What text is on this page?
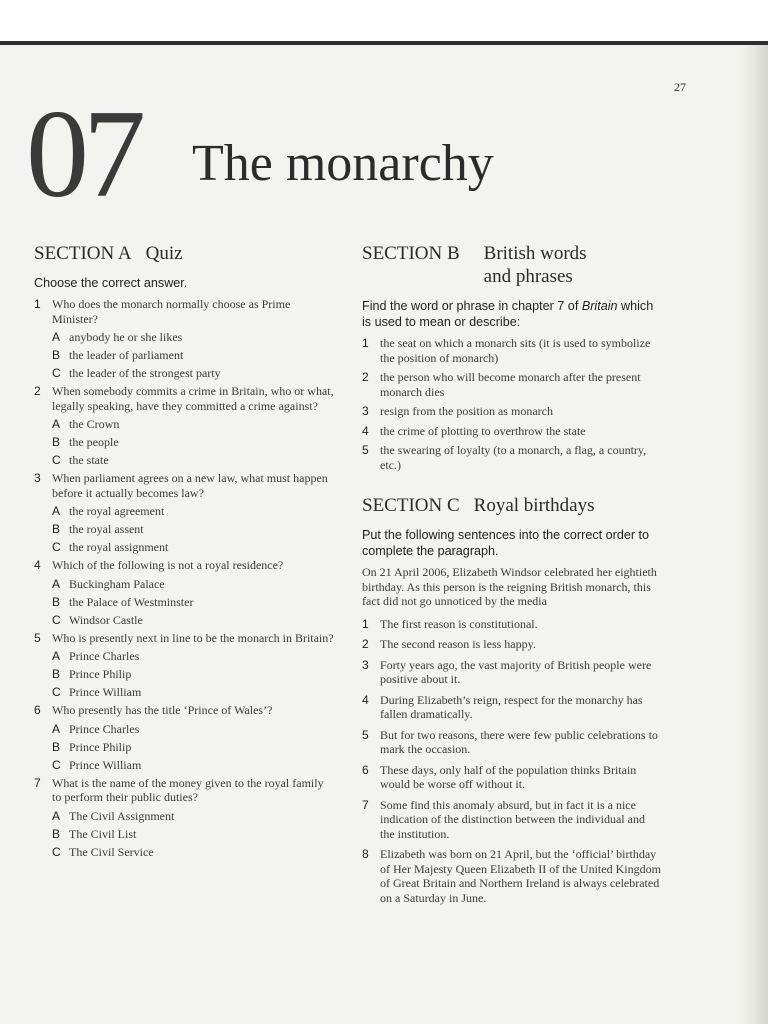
27
07 The monarchy
SECTION A Quiz
Choose the correct answer.
1 Who does the monarch normally choose as Prime Minister?
A anybody he or she likes
B the leader of parliament
C the leader of the strongest party
2 When somebody commits a crime in Britain, who or what, legally speaking, have they committed a crime against?
A the Crown
B the people
C the state
3 When parliament agrees on a new law, what must happen before it actually becomes law?
A the royal agreement
B the royal assent
C the royal assignment
4 Which of the following is not a royal residence?
A Buckingham Palace
B the Palace of Westminster
C Windsor Castle
5 Who is presently next in line to be the monarch in Britain?
A Prince Charles
B Prince Philip
C Prince William
6 Who presently has the title ‘Prince of Wales’?
A Prince Charles
B Prince Philip
C Prince William
7 What is the name of the money given to the royal family to perform their public duties?
A The Civil Assignment
B The Civil List
C The Civil Service
SECTION B British words and phrases
Find the word or phrase in chapter 7 of Britain which is used to mean or describe:
1 the seat on which a monarch sits (it is used to symbolize the position of monarch)
2 the person who will become monarch after the present monarch dies
3 resign from the position as monarch
4 the crime of plotting to overthrow the state
5 the swearing of loyalty (to a monarch, a flag, a country, etc.)
SECTION C Royal birthdays
Put the following sentences into the correct order to complete the paragraph.
On 21 April 2006, Elizabeth Windsor celebrated her eightieth birthday. As this person is the reigning British monarch, this fact did not go unnoticed by the media
1 The first reason is constitutional.
2 The second reason is less happy.
3 Forty years ago, the vast majority of British people were positive about it.
4 During Elizabeth’s reign, respect for the monarchy has fallen dramatically.
5 But for two reasons, there were few public celebrations to mark the occasion.
6 These days, only half of the population thinks Britain would be worse off without it.
7 Some find this anomaly absurd, but in fact it is a nice indication of the distinction between the individual and the institution.
8 Elizabeth was born on 21 April, but the ‘official’ birthday of Her Majesty Queen Elizabeth II of the United Kingdom of Great Britain and Northern Ireland is always celebrated on a Saturday in June.
